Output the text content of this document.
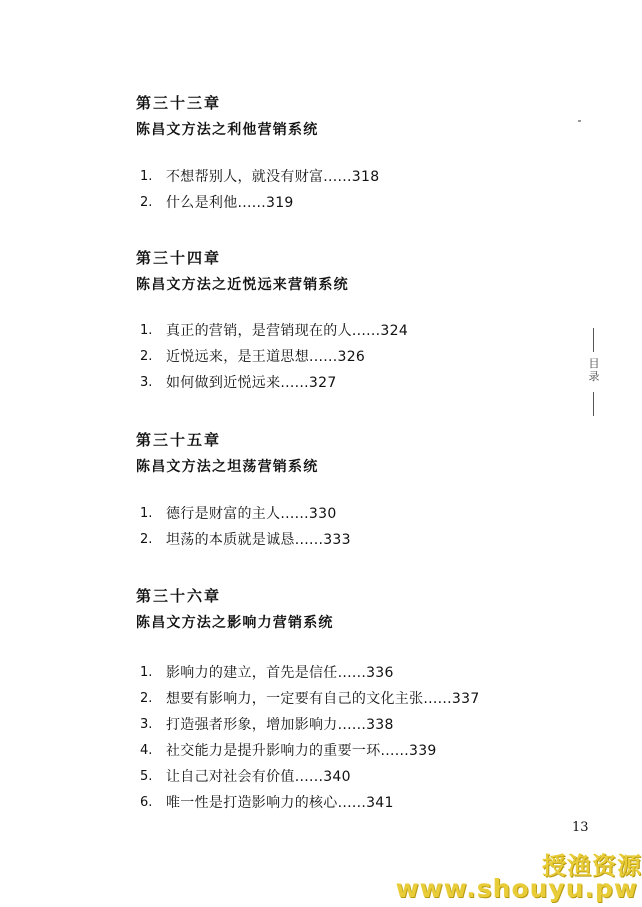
第三十三章
陈昌文方法之利他营销系统
1. 不想帮别人，就没有财富......318
2. 什么是利他......319
第三十四章
陈昌文方法之近悦远来营销系统
1. 真正的营销，是营销现在的人......324
2. 近悦远来，是王道思想......326
3. 如何做到近悦远来......327
第三十五章
陈昌文方法之坦荡营销系统
1. 德行是财富的主人......330
2. 坦荡的本质就是诚恳......333
第三十六章
陈昌文方法之影响力营销系统
1. 影响力的建立，首先是信任......336
2. 想要有影响力，一定要有自己的文化主张......337
3. 打造强者形象，增加影响力......338
4. 社交能力是提升影响力的重要一环......339
5. 让自己对社会有价值......340
6. 唯一性是打造影响力的核心......341
目录
13
授渔资源
www.shouyu.pw
